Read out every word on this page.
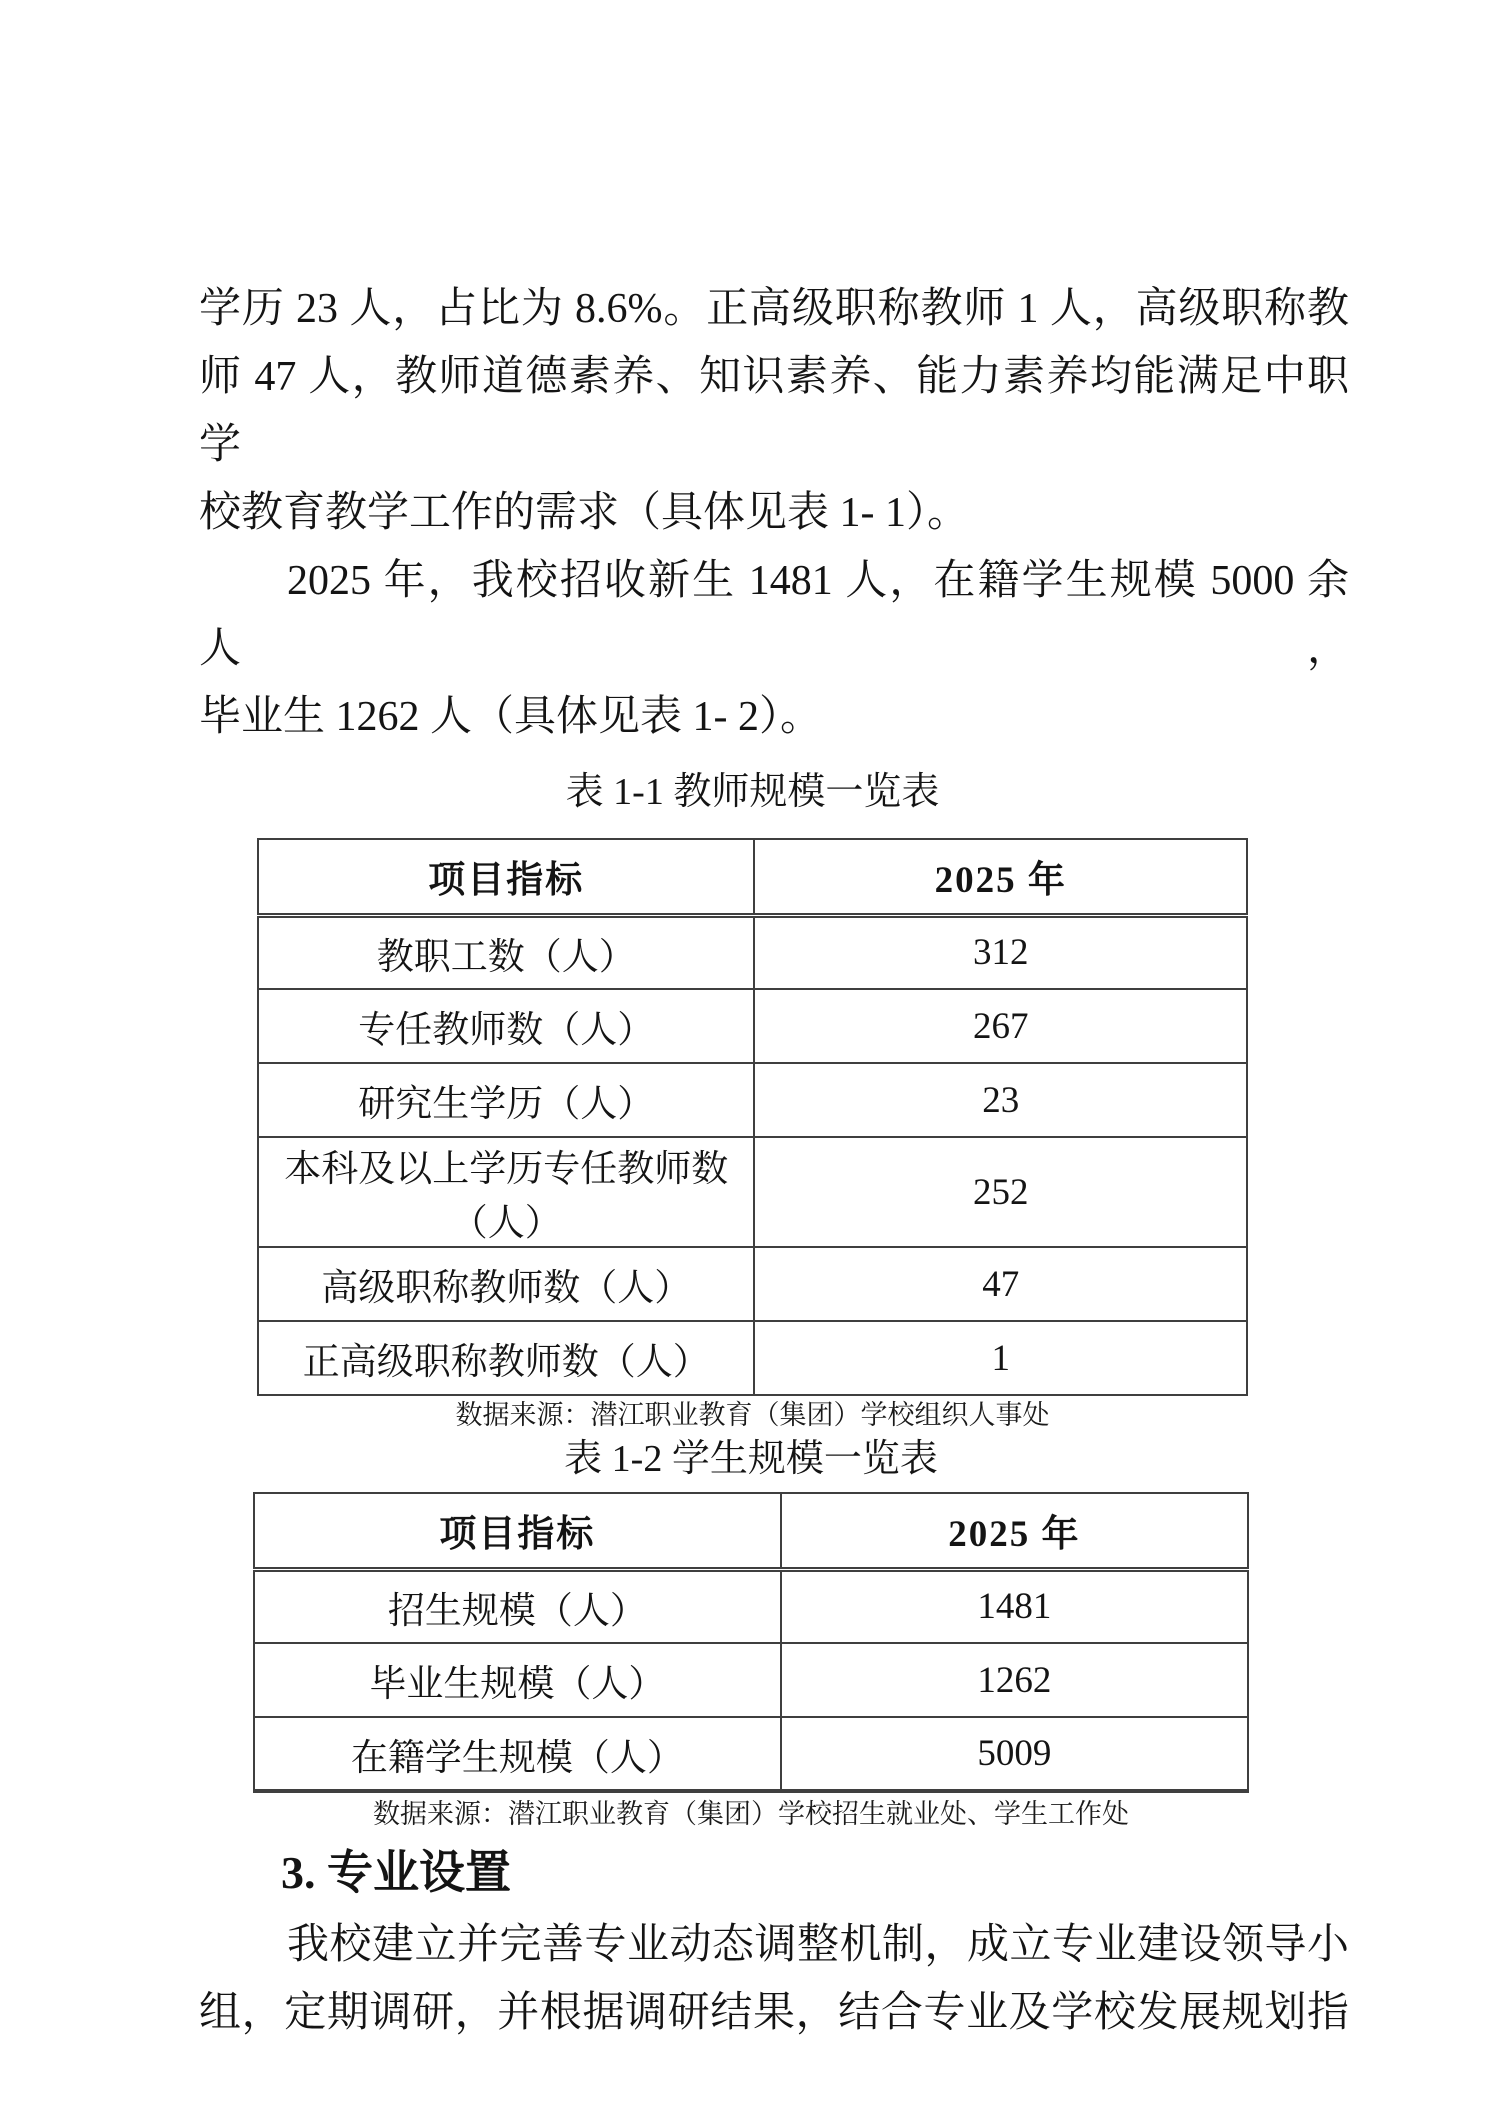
学历 23 人，占比为 8.6%。正高级职称教师 1 人，高级职称教

师 47 人，教师道德素养、知识素养、能力素养均能满足中职学

校教育教学工作的需求（具体见表 1- 1）。

2025 年，我校招收新生 1481 人，在籍学生规模 5000 余人，

毕业生 1262 人（具体见表 1- 2）。

表 1-1 教师规模一览表

项目指标	2025 年
教职工数（人）	312
专任教师数（人）	267
研究生学历（人）	23
本科及以上学历专任教师数（人）	252
高级职称教师数（人）	47
正高级职称教师数（人）	1

数据来源：潜江职业教育（集团）学校组织人事处

表 1-2 学生规模一览表

项目指标	2025 年
招生规模（人）	1481
毕业生规模（人）	1262
在籍学生规模（人）	5009

数据来源：潜江职业教育（集团）学校招生就业处、学生工作处

3. 专业设置

我校建立并完善专业动态调整机制，成立专业建设领导小

组，定期调研，并根据调研结果，结合专业及学校发展规划指
